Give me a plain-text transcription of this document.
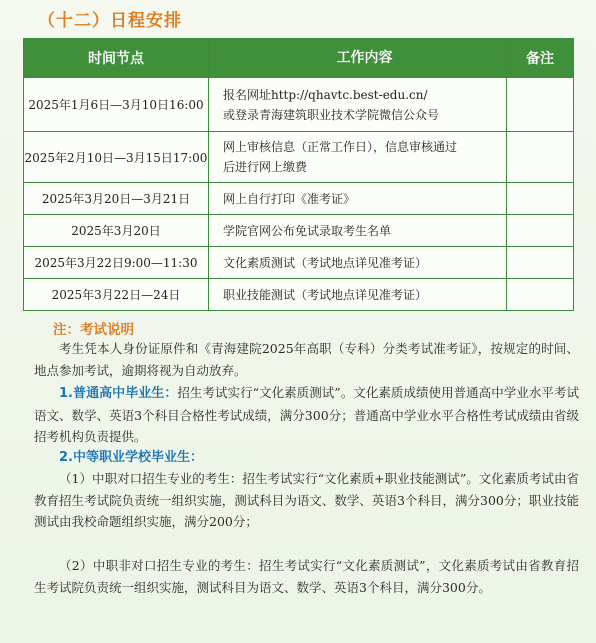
（十二）日程安排
时间节点	工作内容	备注
2025年1月6日—3月10日16:00	报名网址http://qhavtc.best-edu.cn/
或登录青海建筑职业技术学院微信公众号	

2025年2月10日—3月15日17:00	网上审核信息（正常工作日），信息审核通过
后进行网上缴费	

2025年3月20日—3月21日	网上自行打印《准考证》	
2025年3月20日	学院官网公布免试录取考生名单	
2025年3月22日9:00—11:30	文化素质测试（考试地点详见准考证）	
2025年3月22日—24日	职业技能测试（考试地点详见准考证）	
注：考试说明
考生凭本人身份证原件和《青海建院2025年高职（专科）分类考试准考证》，按规定的时间、地点参加考试，逾期将视为自动放弃。
1.普通高中毕业生：招生考试实行“文化素质测试”。文化素质成绩使用普通高中学业水平考试语文、数学、英语3个科目合格性考试成绩，满分300分；普通高中学业水平合格性考试成绩由省级招考机构负责提供。
2.中等职业学校毕业生：
（1）中职对口招生专业的考生：招生考试实行“文化素质+职业技能测试”。文化素质考试由省教育招生考试院负责统一组织实施，测试科目为语文、数学、英语3个科目，满分300分；职业技能测试由我校命题组织实施，满分200分；
（2）中职非对口招生专业的考生：招生考试实行“文化素质测试”，文化素质考试由省教育招生考试院负责统一组织实施，测试科目为语文、数学、英语3个科目，满分300分。
